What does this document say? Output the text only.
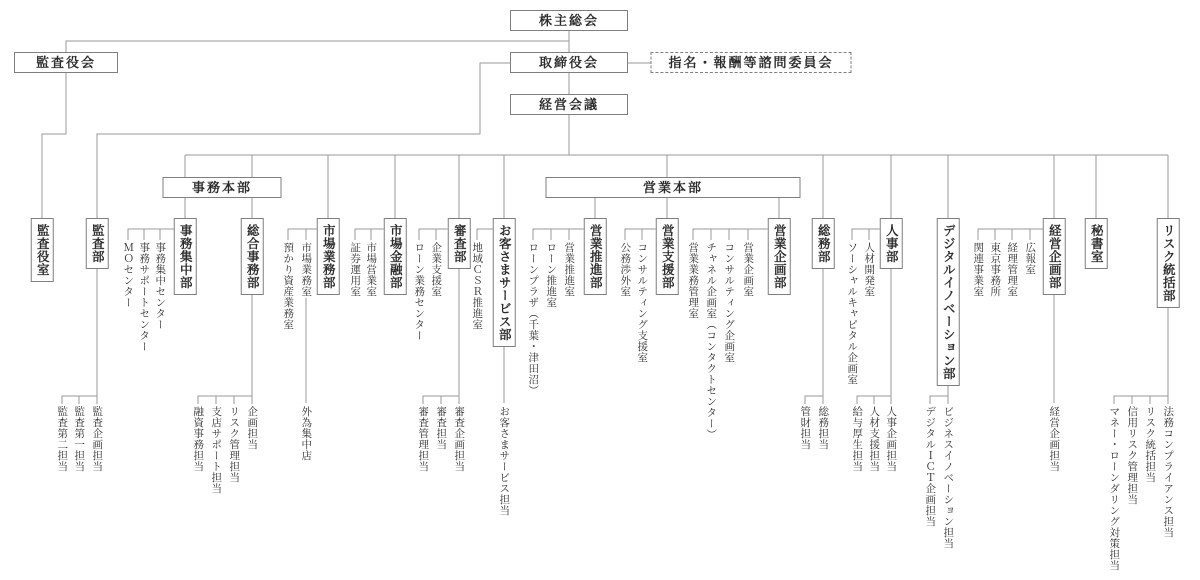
株主総会
監査役会	取締役会	指名・報酬等諮問委員会
経営会議
事務本部	営業本部
監査役室	監査部	事務集中部	総合事務部	市場業務部	市場金融部	審査部	お客さまサービス部	営業推進部	営業支援部	営業企画部	総務部	人事部	デジタルイノベーション部	経営企画部	秘書室	リスク統括部
ＭＯセンター 事務サポートセンター 事務集中センター	預かり資産業務室 市場業務室
外為集中店
証券運用室 市場営業室	ローン業務センター 企業支援室	地域ＣＳＲ推進室	ローンプラザ（千葉・津田沼） ローン推進室 営業推進室	公務渉外室 コンサルティング支援室	営業業務管理室 チャネル企画室（コンタクトセンター） コンサルティング企画室 営業企画室	ソーシャルキャピタル企画室 人材開発室	関連事業室 東京事務所 経理管理室 広報室
監査第二担当 監査第一担当 監査企画担当	融資事務担当 支店サポート担当 リスク管理担当 企画担当	審査管理担当 審査担当 審査企画担当	お客さまサービス担当	管財担当 総務担当 給与厚生担当 人材支援担当 人事企画担当	デジタルＩＣＴ企画担当 ビジネスイノベーション担当	経営企画担当	マネー・ローンダリング対策担当 信用リスク管理担当 リスク統括担当 法務コンプライアンス担当
